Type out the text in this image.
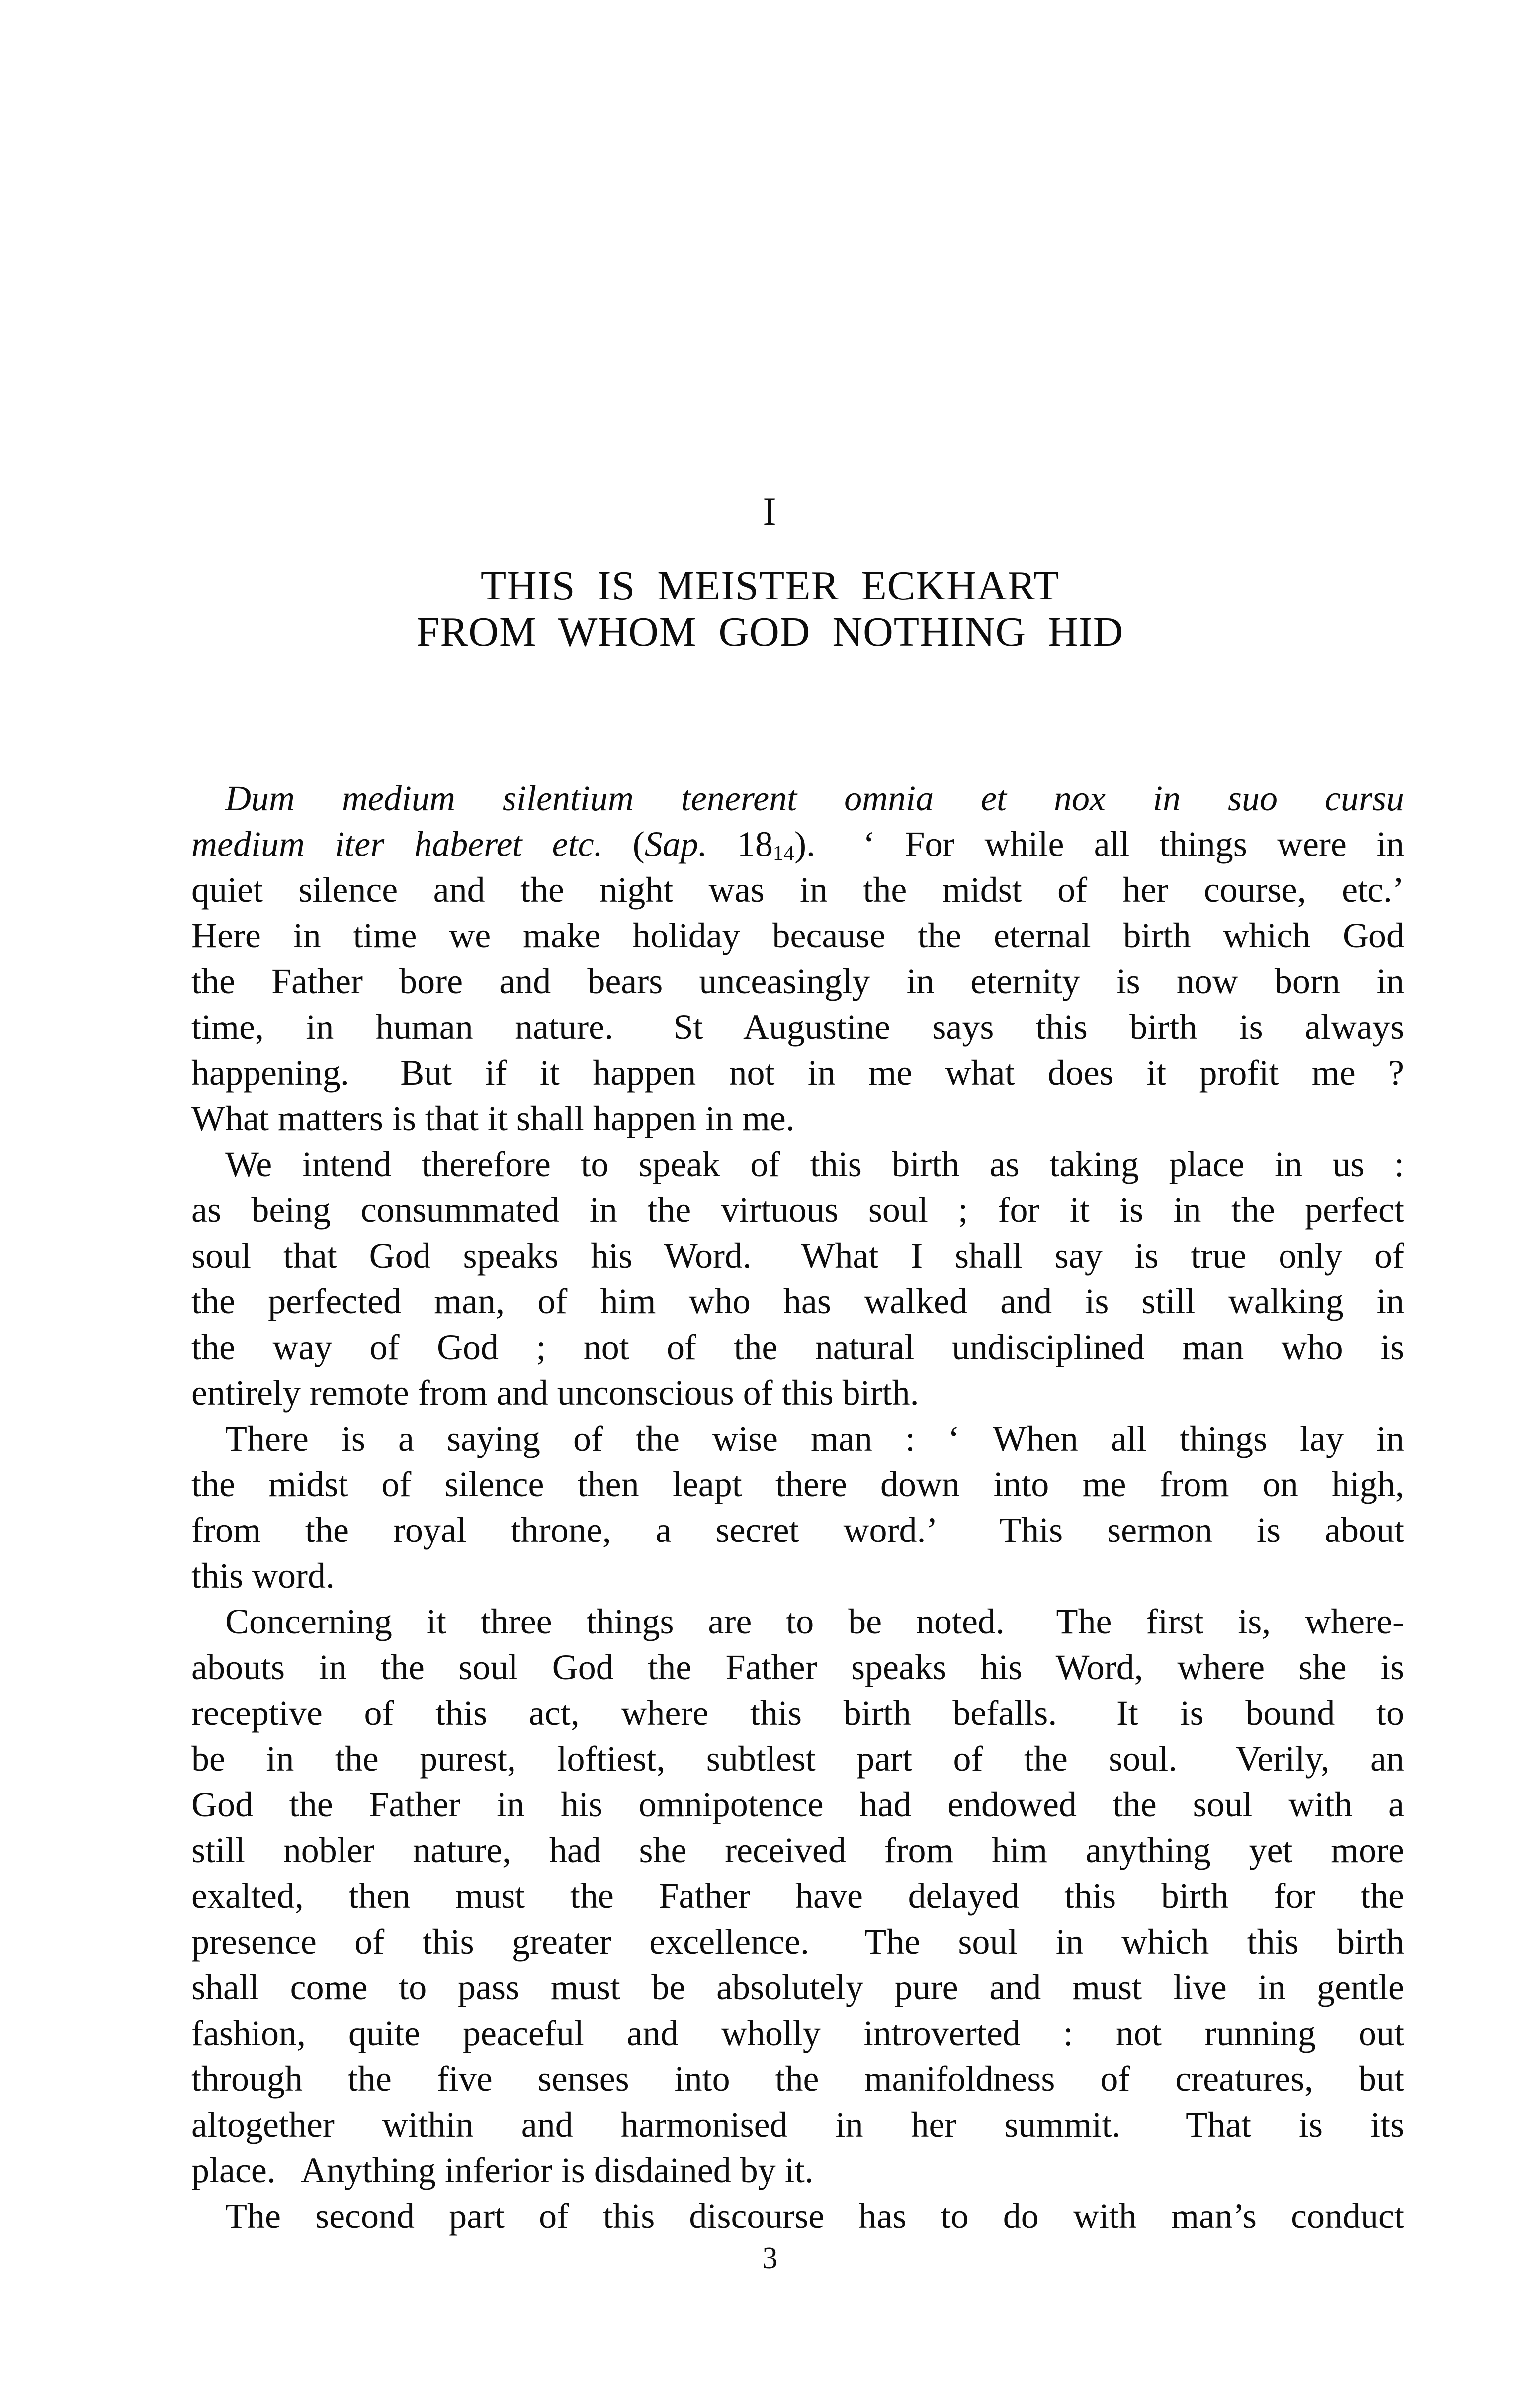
I
THIS IS MEISTER ECKHART
FROM WHOM GOD NOTHING HID
Dum medium silentium tenerent omnia et nox in suo cursu
medium iter haberet etc. (Sap. $18_{14}$).  ‘ For while all things were in
quiet silence and the night was in the midst of her course, etc.’
Here in time we make holiday because the eternal birth which God
the Father bore and bears unceasingly in eternity is now born in
time, in human nature.  St Augustine says this birth is always
happening.  But if it happen not in me what does it profit me ?
What matters is that it shall happen in me.
We intend therefore to speak of this birth as taking place in us :
as being consummated in the virtuous soul ; for it is in the perfect
soul that God speaks his Word.  What I shall say is true only of
the perfected man, of him who has walked and is still walking in
the way of God ; not of the natural undisciplined man who is
entirely remote from and unconscious of this birth.
There is a saying of the wise man : ‘ When all things lay in
the midst of silence then leapt there down into me from on high,
from the royal throne, a secret word.’  This sermon is about
this word.
Concerning it three things are to be noted.  The first is, where-
abouts in the soul God the Father speaks his Word, where she is
receptive of this act, where this birth befalls.  It is bound to
be in the purest, loftiest, subtlest part of the soul.  Verily, an
God the Father in his omnipotence had endowed the soul with a
still nobler nature, had she received from him anything yet more
exalted, then must the Father have delayed this birth for the
presence of this greater excellence.  The soul in which this birth
shall come to pass must be absolutely pure and must live in gentle
fashion, quite peaceful and wholly introverted : not running out
through the five senses into the manifoldness of creatures, but
altogether within and harmonised in her summit.  That is its
place.  Anything inferior is disdained by it.
The second part of this discourse has to do with man’s conduct
3
